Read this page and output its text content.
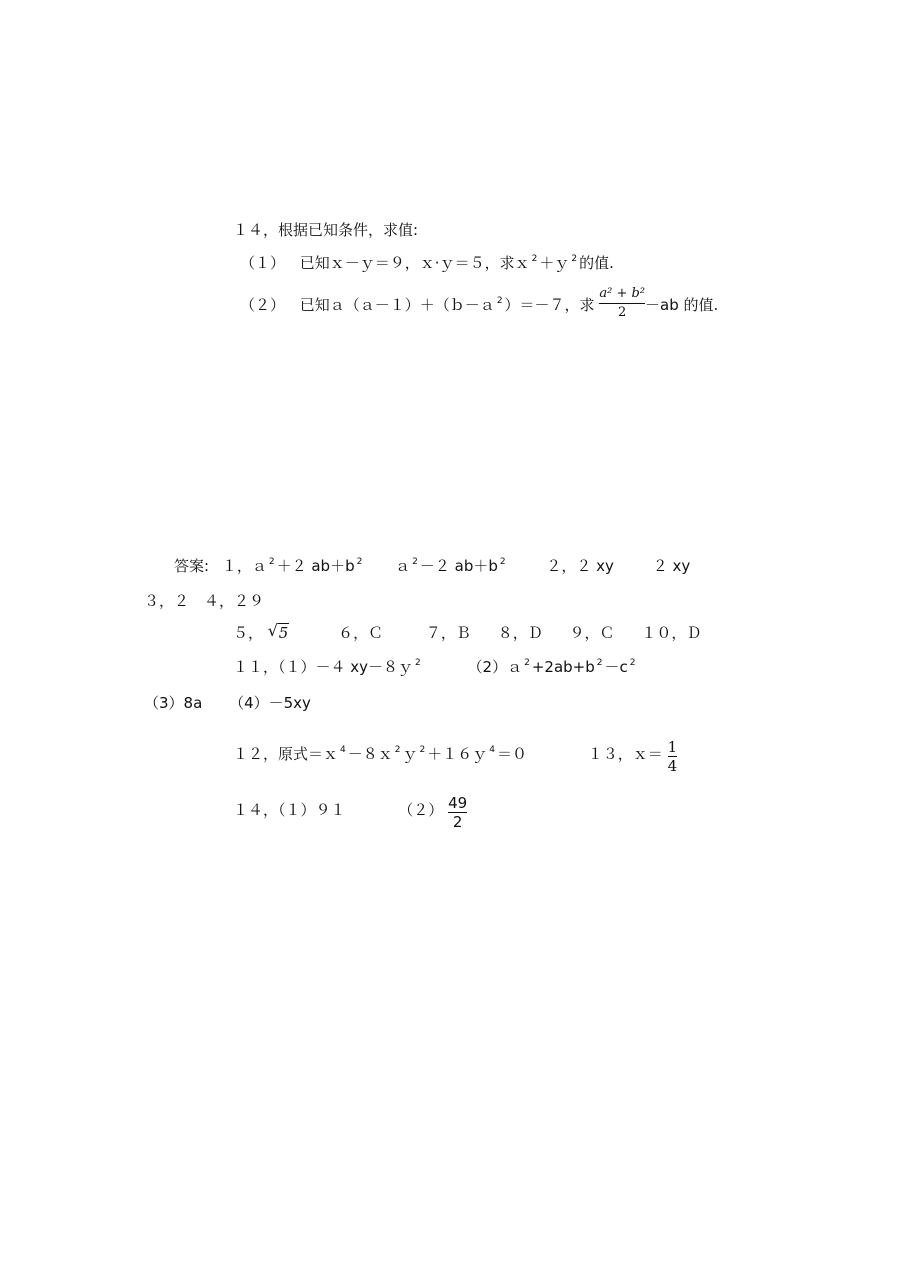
１４，根据已知条件，求值:
（１） 已知ｘ－ｙ＝９，ｘ·ｙ＝５，求ｘ $^2$ ＋ｙ $^2$ 的值.
（２） 已知ａ（ａ－１）＋（ｂ－ａ $^2$ ）＝－７，求 $\frac{\text{a² + b²}}{2} -ab$ 的值.
答案: １，ａ $^2$ ＋２ ab＋b $^2$ ａ $^2$ －２ ab＋b $^2$	２，２ xy	２ xy
３，２　４，２９
５， √ 5	６，Ｃ	７，Ｂ ８，Ｄ ９，Ｃ １０，Ｄ
１１，（１）－４ xy－８ｙ $^2$	（2）ａ $^2$ +2ab+b $^2$ －c $^2$
（3）8a （4）－5xy
１２，原式＝ｘ $^4$ －８ｘ $^2$ ｙ $^2$ ＋１６ｙ $^4$ ＝０	１３，ｘ＝ $\frac{1}{4}$
１４，（１）９１	$(2) \frac{49}{2}$
